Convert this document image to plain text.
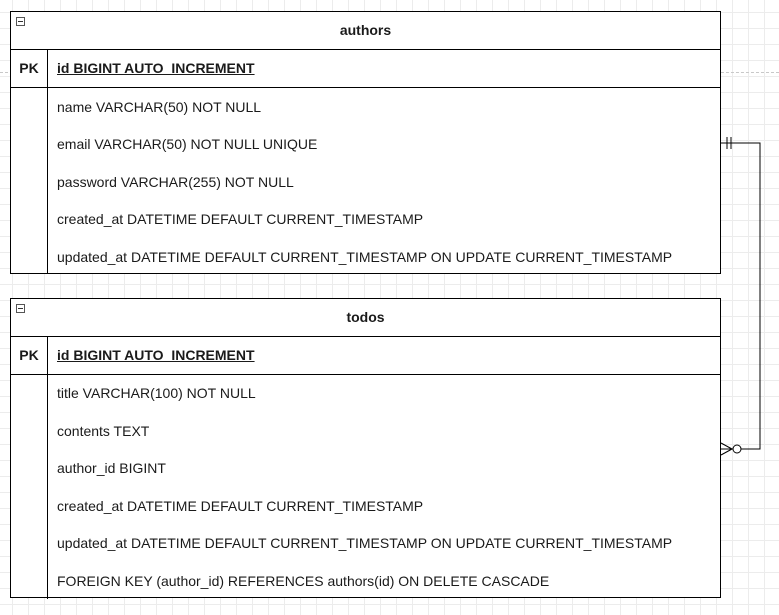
authors
PK	id BIGINT AUTO_INCREMENT
name VARCHAR(50) NOT NULL
email VARCHAR(50) NOT NULL UNIQUE
password VARCHAR(255) NOT NULL
created_at DATETIME DEFAULT CURRENT_TIMESTAMP
updated_at DATETIME DEFAULT CURRENT_TIMESTAMP ON UPDATE CURRENT_TIMESTAMP
todos
PK	id BIGINT AUTO_INCREMENT
title VARCHAR(100) NOT NULL
contents TEXT
author_id BIGINT
created_at DATETIME DEFAULT CURRENT_TIMESTAMP
updated_at DATETIME DEFAULT CURRENT_TIMESTAMP ON UPDATE CURRENT_TIMESTAMP
FOREIGN KEY (author_id) REFERENCES authors(id) ON DELETE CASCADE
